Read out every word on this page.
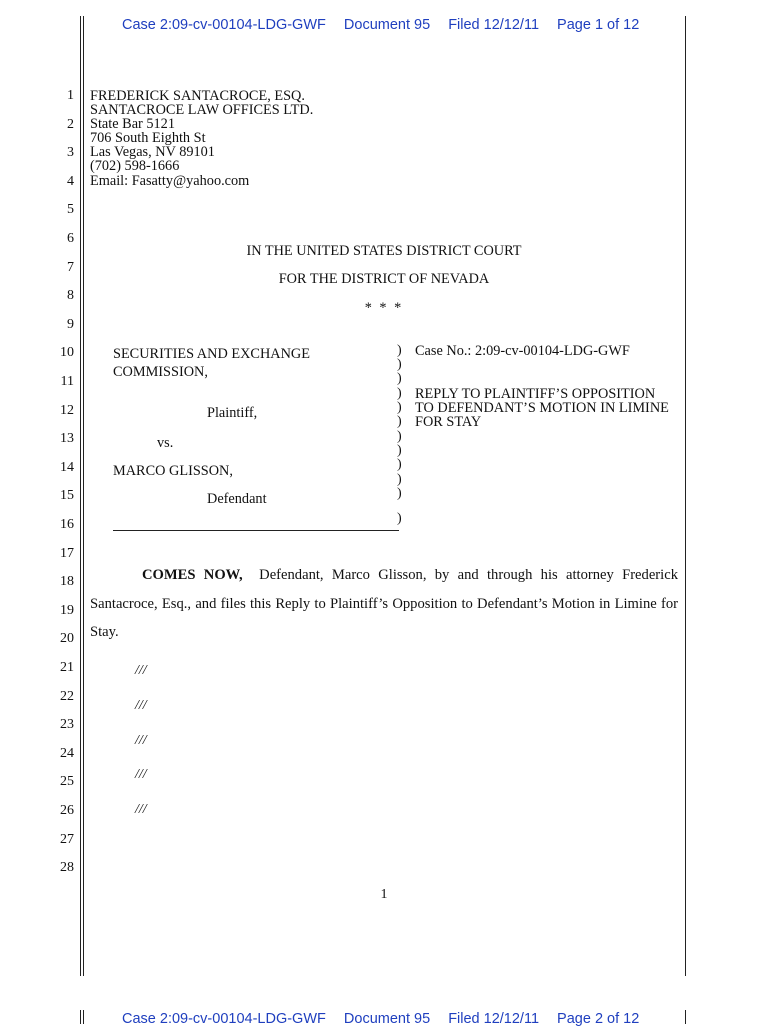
Case 2:09-cv-00104-LDG-GWF Document 95 Filed 12/12/11 Page 1 of 12
1
2
3
4
5
6
7
8
9
10
11
12
13
14
15
16
17
18
19
20
21
22
23
24
25
26
27
28
FREDERICK SANTACROCE, ESQ.
SANTACROCE LAW OFFICES LTD.
State Bar 5121
706 South Eighth St
Las Vegas, NV 89101
(702) 598-1666
Email: Fasatty@yahoo.com
IN THE UNITED STATES DISTRICT COURT
FOR THE DISTRICT OF NEVADA
* * *
SECURITIES AND EXCHANGE
COMMISSION,
Plaintiff,
vs.
MARCO GLISSON,
Defendant
)
)
)
)
)
)
)
)
)
)
)
)
Case No.: 2:09-cv-00104-LDG-GWF
REPLY TO PLAINTIFF’S OPPOSITION
TO DEFENDANT’S MOTION IN LIMINE
FOR STAY
COMES NOW, Defendant, Marco Glisson, by and through his attorney Frederick Santacroce, Esq., and files this Reply to Plaintiff’s Opposition to Defendant’s Motion in Limine for Stay.
///
///
///
///
///
1
Case 2:09-cv-00104-LDG-GWF Document 95 Filed 12/12/11 Page 2 of 12
